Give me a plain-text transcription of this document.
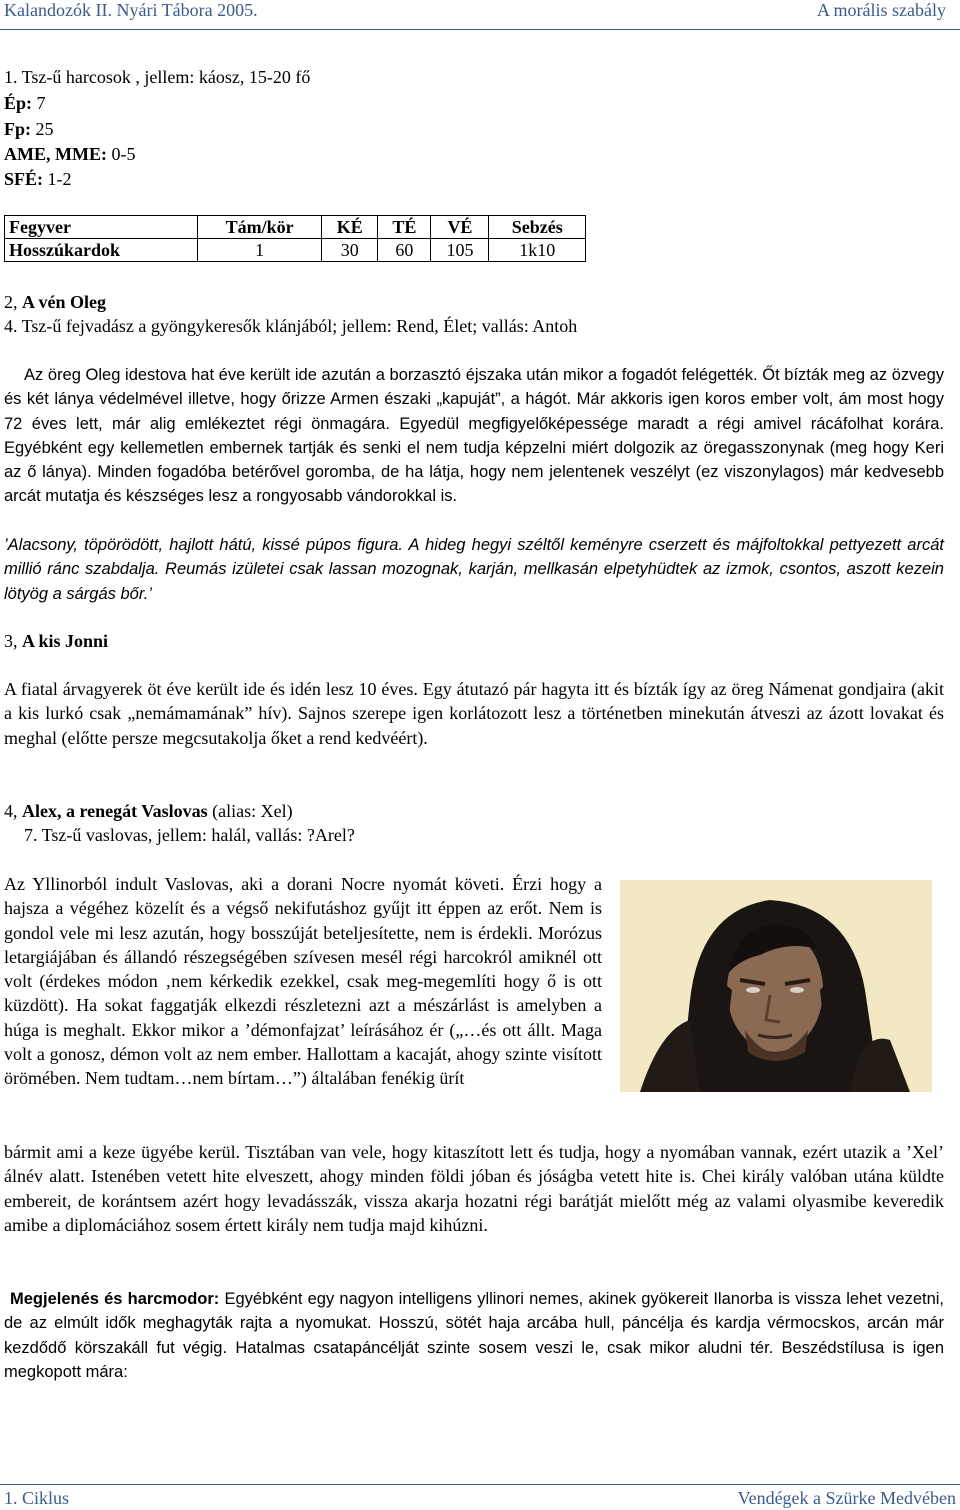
Kalandozók II. Nyári Tábora 2005.	A morális szabály
1. Tsz-ű harcosok , jellem: káosz, 15-20 fő
Ép: 7
Fp: 25
AME, MME: 0-5
SFÉ: 1-2
Fegyver	Tám/kör	KÉ	TÉ	VÉ	Sebzés
Hosszúkardok	1	30	60	105	1k10
2, A vén Oleg
4. Tsz-ű fejvadász a gyöngykeresők klánjából; jellem: Rend, Élet; vallás: Antoh
Az öreg Oleg idestova hat éve került ide azután a borzasztó éjszaka után mikor a fogadót felégették. Őt bízták meg az özvegy és két lánya védelmével illetve, hogy őrizze Armen északi „kapuját”, a hágót. Már akkoris igen koros ember volt, ám most hogy 72 éves lett, már alig emlékeztet régi önmagára. Egyedül megfigyelőképessége maradt a régi amivel rácáfolhat korára. Egyébként egy kellemetlen embernek tartják és senki el nem tudja képzelni miért dolgozik az öregasszonynak (meg hogy Keri az ő lánya). Minden fogadóba betérővel goromba, de ha látja, hogy nem jelentenek veszélyt (ez viszonylagos) már kedvesebb arcát mutatja és készséges lesz a rongyosabb vándorokkal is.
’Alacsony, töpörödött, hajlott hátú, kissé púpos figura. A hideg hegyi széltől keményre cserzett és májfoltokkal pettyezett arcát millió ránc szabdalja. Reumás izületei csak lassan mozognak, karján, mellkasán elpetyhüdtek az izmok, csontos, aszott kezein lötyög a sárgás bőr.’
3, A kis Jonni
A fiatal árvagyerek öt éve került ide és idén lesz 10 éves. Egy átutazó pár hagyta itt és bízták így az öreg Námenat gondjaira (akit a kis lurkó csak „nemámamának” hív). Sajnos szerepe igen korlátozott lesz a történetben minekután átveszi az ázott lovakat és meghal (előtte persze megcsutakolja őket a rend kedvéért).
4, Alex, a renegát Vaslovas (alias: Xel)
7. Tsz-ű vaslovas, jellem: halál, vallás: ?Arel?
Az Yllinorból indult Vaslovas, aki a dorani Nocre nyomát követi. Érzi hogy a hajsza a végéhez közelít és a végső nekifutáshoz gyűjt itt éppen az erőt. Nem is gondol vele mi lesz azután, hogy bosszúját beteljesítette, nem is érdekli. Morózus letargiájában és állandó részegségében szívesen mesél régi harcokról amiknél ott volt (érdekes módon ‚nem kérkedik ezekkel, csak meg-megemlíti hogy ő is ott küzdött). Ha sokat faggatják elkezdi részletezni azt a mészárlást is amelyben a húga is meghalt. Ekkor mikor a ’démonfajzat’ leírásához ér („…és ott állt. Maga volt a gonosz, démon volt az nem ember. Hallottam a kacaját, ahogy szinte visított örömében. Nem tudtam…nem bírtam…”) általában fenékig ürít
bármit ami a keze ügyébe kerül. Tisztában van vele, hogy kitaszított lett és tudja, hogy a nyomában vannak, ezért utazik a ’Xel’ álnév alatt. Istenében vetett hite elveszett, ahogy minden földi jóban és jóságba vetett hite is. Chei király valóban utána küldte embereit, de korántsem azért hogy levadásszák, vissza akarja hozatni régi barátját mielőtt még az valami olyasmibe keveredik amibe a diplomáciához sosem értett király nem tudja majd kihúzni.
Megjelenés és harcmodor: Egyébként egy nagyon intelligens yllinori nemes, akinek gyökereit Ilanorba is vissza lehet vezetni, de az elmúlt idők meghagyták rajta a nyomukat. Hosszú, sötét haja arcába hull, páncélja és kardja vérmocskos, arcán már kezdődő körszakáll fut végig. Hatalmas csatapáncélját szinte sosem veszi le, csak mikor aludni tér. Beszédstílusa is igen megkopott mára:
1. Ciklus	Vendégek a Szürke Medvében
